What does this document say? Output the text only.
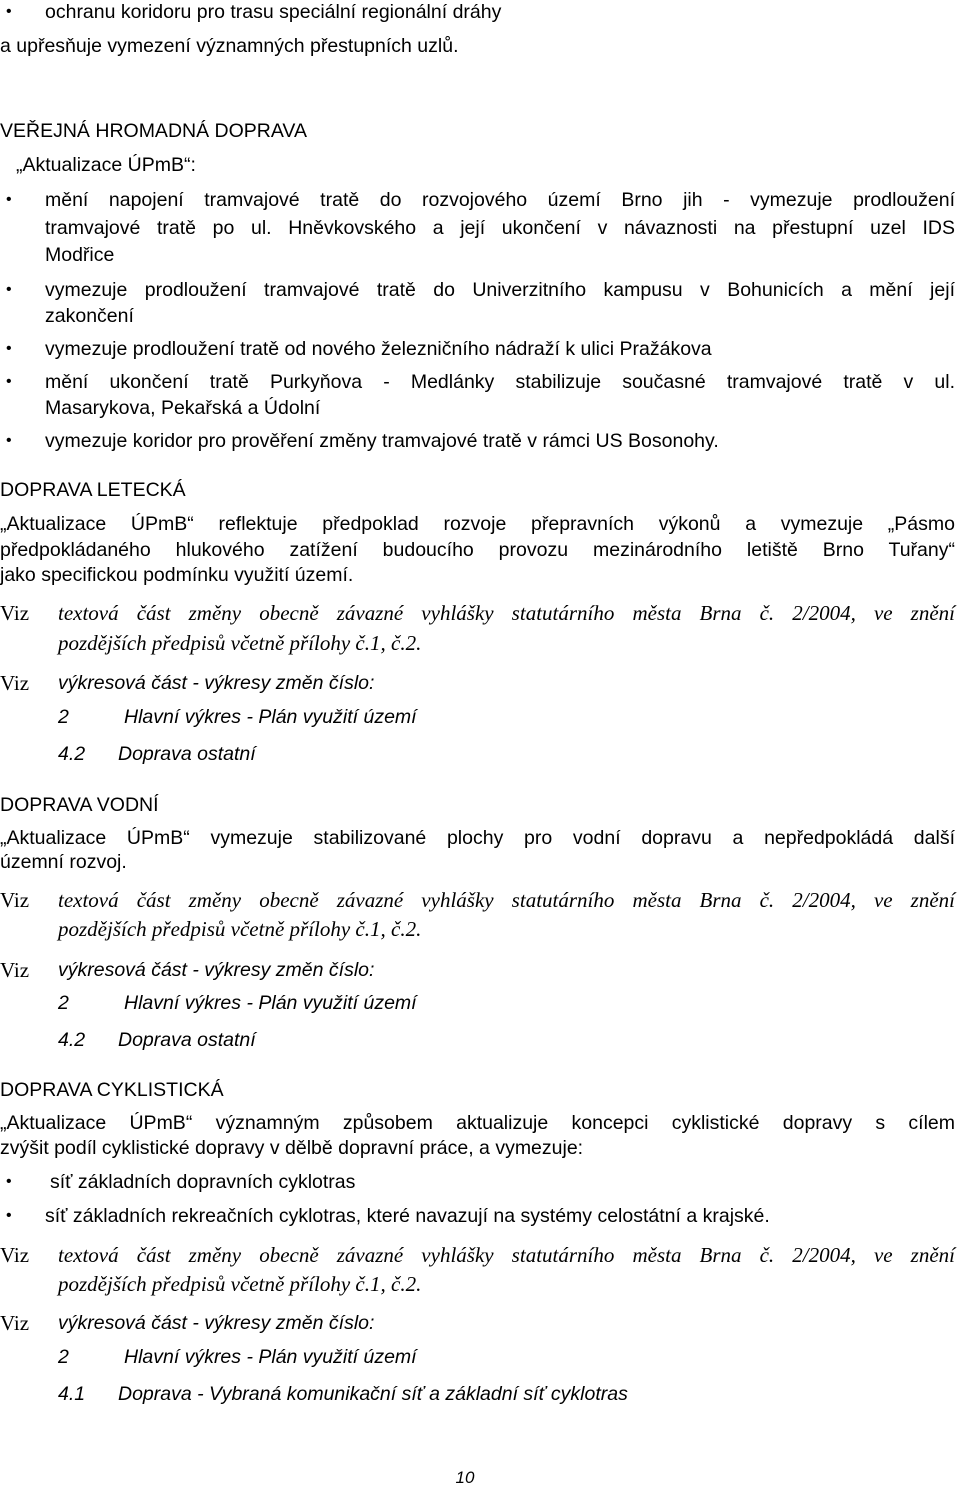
• ochranu koridoru pro trasu speciální regionální dráhy
a upřesňuje vymezení významných přestupních uzlů.
VEŘEJNÁ HROMADNÁ DOPRAVA
„Aktualizace ÚPmB“:
• mění napojení tramvajové tratě do rozvojového území Brno jih - vymezuje prodloužení
tramvajové tratě po ul. Hněvkovského a její ukončení v návaznosti na přestupní uzel IDS
Modřice
• vymezuje prodloužení tramvajové tratě do Univerzitního kampusu v Bohunicích a mění její
zakončení
• vymezuje prodloužení tratě od nového železničního nádraží k ulici Pražákova
• mění ukončení tratě Purkyňova - Medlánky stabilizuje současné tramvajové tratě v ul.
Masarykova, Pekařská a Údolní
• vymezuje koridor pro prověření změny tramvajové tratě v rámci US Bosonohy.
DOPRAVA LETECKÁ
„Aktualizace ÚPmB“ reflektuje předpoklad rozvoje přepravních výkonů a vymezuje „Pásmo
předpokládaného hlukového zatížení budoucího provozu mezinárodního letiště Brno Tuřany“
jako specifickou podmínku využití území.
Viz textová část změny obecně závazné vyhlášky statutárního města Brna č. 2/2004, ve znění
pozdějších předpisů včetně přílohy č.1, č.2.
Viz výkresová část - výkresy změn číslo:
2	Hlavní výkres - Plán využití území
4.2 Doprava ostatní
DOPRAVA VODNÍ
„Aktualizace ÚPmB“ vymezuje stabilizované plochy pro vodní dopravu a nepředpokládá další
územní rozvoj.
Viz textová část změny obecně závazné vyhlášky statutárního města Brna č. 2/2004, ve znění
pozdějších předpisů včetně přílohy č.1, č.2.
Viz výkresová část - výkresy změn číslo:
2	Hlavní výkres - Plán využití území
4.2 Doprava ostatní
DOPRAVA CYKLISTICKÁ
„Aktualizace ÚPmB“ významným způsobem aktualizuje koncepci cyklistické dopravy s cílem
zvýšit podíl cyklistické dopravy v dělbě dopravní práce, a vymezuje:
• síť základních dopravních cyklotras
• síť základních rekreačních cyklotras, které navazují na systémy celostátní a krajské.
Viz textová část změny obecně závazné vyhlášky statutárního města Brna č. 2/2004, ve znění
pozdějších předpisů včetně přílohy č.1, č.2.
Viz výkresová část - výkresy změn číslo:
2	Hlavní výkres - Plán využití území
4.1 Doprava - Vybraná komunikační síť a základní síť cyklotras
10
